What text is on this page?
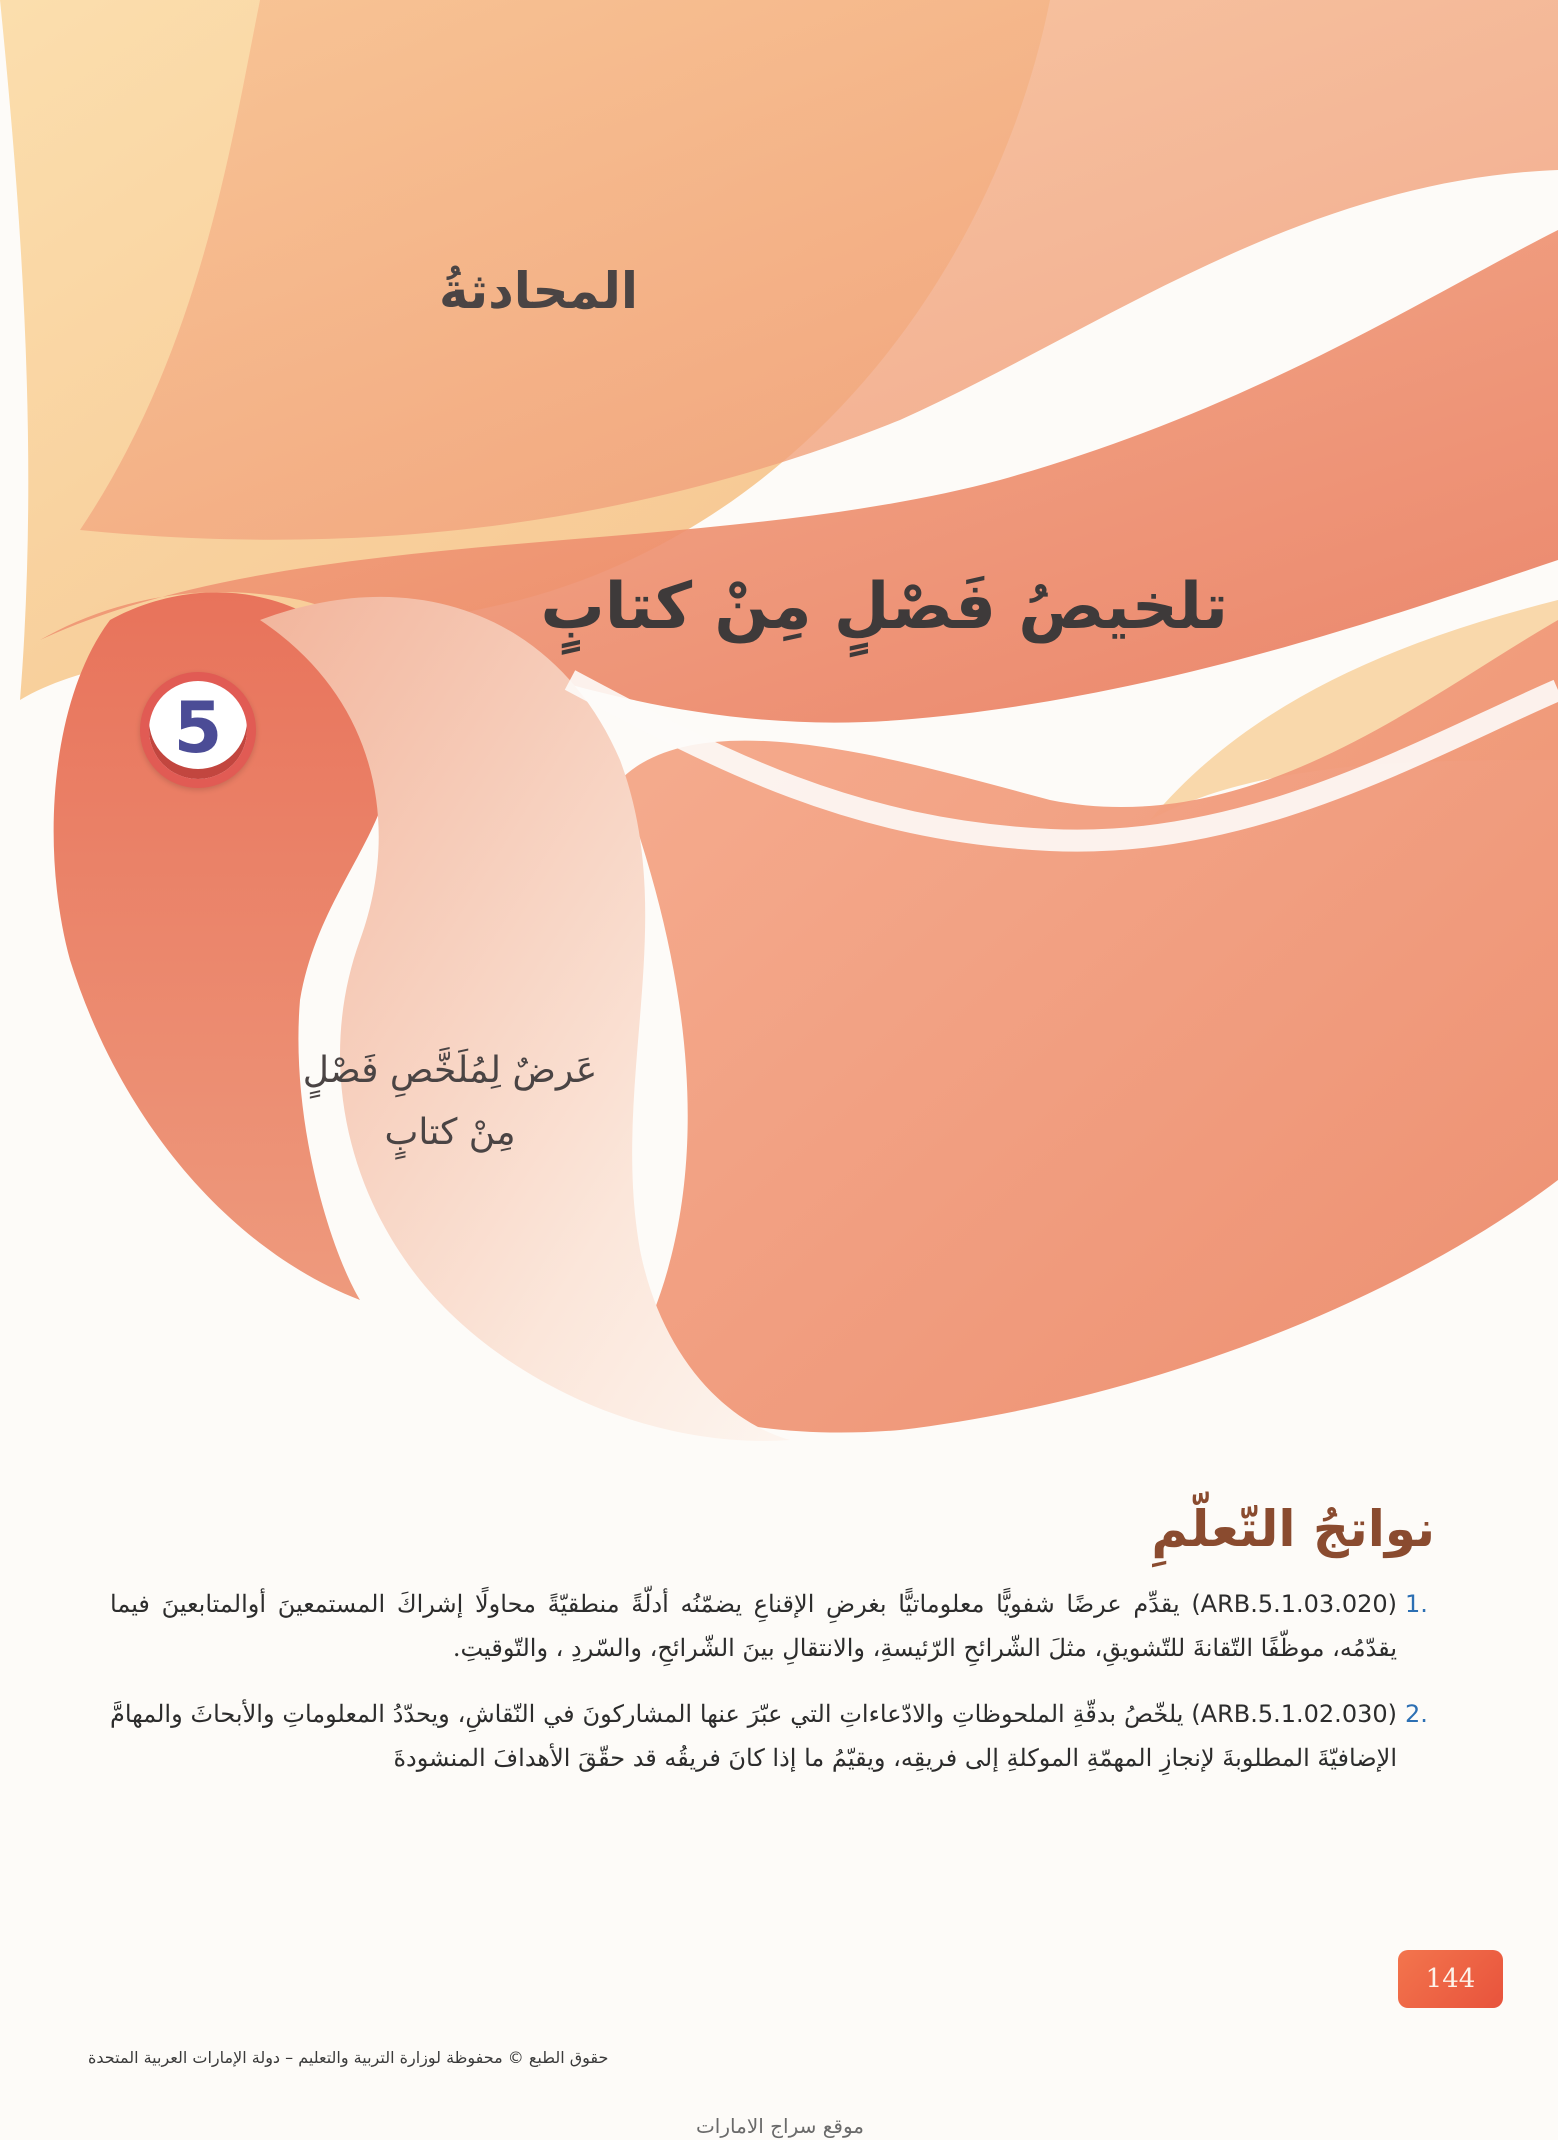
المحادثةُ
تلخيصُ فَصْلٍ مِنْ كتابٍ
5
عَرضٌ لِمُلَخَّصِ فَصْلٍ
مِنْ كتابٍ
نواتجُ التّعلّمِ
1.
(ARB.5.1.03.020) يقدِّم عرضًا شفويًّا معلوماتيًّا بغرضِ الإقناعِ يضمّنُه أدلّةً منطقيّةً محاولًا إشراكَ المستمعينَ أوالمتابعينَ فيما يقدّمُه، موظّفًا التّقانةَ للتّشويقِ، مثلَ الشّرائحِ الرّئيسةِ، والانتقالِ بينَ الشّرائحِ، والسّردِ ، والتّوقيتِ.
2.
(ARB.5.1.02.030) يلخّصُ بدقّةِ الملحوظاتِ والادّعاءاتِ التي عبّرَ عنها المشاركونَ في النّقاشِ، ويحدّدُ المعلوماتِ والأبحاثَ والمهامَّ الإضافيّةَ المطلوبةَ لإنجازِ المهمّةِ الموكلةِ إلى فريقِه، ويقيّمُ ما إذا كانَ فريقُه قد حقّقَ الأهدافَ المنشودةَ
144
حقوق الطبع © محفوظة لوزارة التربية والتعليم – دولة الإمارات العربية المتحدة
موقع سراج الامارات
